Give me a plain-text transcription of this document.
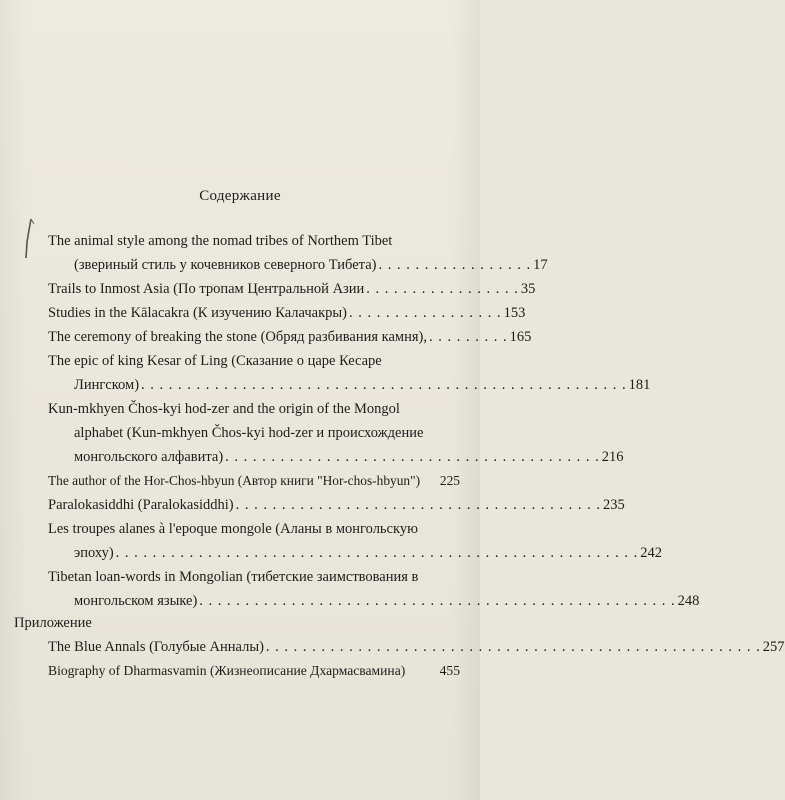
Содержание
The animal style among the nomad tribes of Northem Tibet
(звериный стиль у кочевников северного Тибета) . . . . . . . . . . . . . . . . . 17
Trails to Inmost Asia (По тропам Центральной Азии . . . . . . . . . . . . . . . . . 35
Studies in the Kālacakra (К изучению Калачакры) . . . . . . . . . . . . . . . . . 153
The ceremony of breaking the stone (Обряд разбивания камня), . . . . . . . . . 165
The epic of king Kesar of Ling (Сказание о царе Кесаре
Лингском) . . . . . . . . . . . . . . . . . . . . . . . . . . . . . . . . . . . . . . . . . . . . . . . . . . . . . 181
Kun-mkhyen Čhos-kyi hod-zer and the origin of the Mongol
alphabet (Kun-mkhyen Čhos-kyi hod-zer и происхождение
монгольского алфавита) . . . . . . . . . . . . . . . . . . . . . . . . . . . . . . . . . . . . . . . . . 216
The author of the Hor-Chos-hbyun (Автор книги "Hor-chos-hbyun") 225
Paralokasiddhi (Paralokasiddhi) . . . . . . . . . . . . . . . . . . . . . . . . . . . . . . . . . . . . . . . . 235
Les troupes alanes à l'epoque mongole (Аланы в монгольскую
эпоху) . . . . . . . . . . . . . . . . . . . . . . . . . . . . . . . . . . . . . . . . . . . . . . . . . . . . . . . . . 242
Tibetan loan-words in Mongolian (тибетские заимствования в
монгольском языке) . . . . . . . . . . . . . . . . . . . . . . . . . . . . . . . . . . . . . . . . . . . . . . . . . . . . 248
Приложение
The Blue Annals (Голубые Анналы) . . . . . . . . . . . . . . . . . . . . . . . . . . . . . . . . . . . . . . . . . . . . . . . . . . . . . . 257
Biography of Dharmasvamin (Жизнеописание Дхармасвамина)	455
